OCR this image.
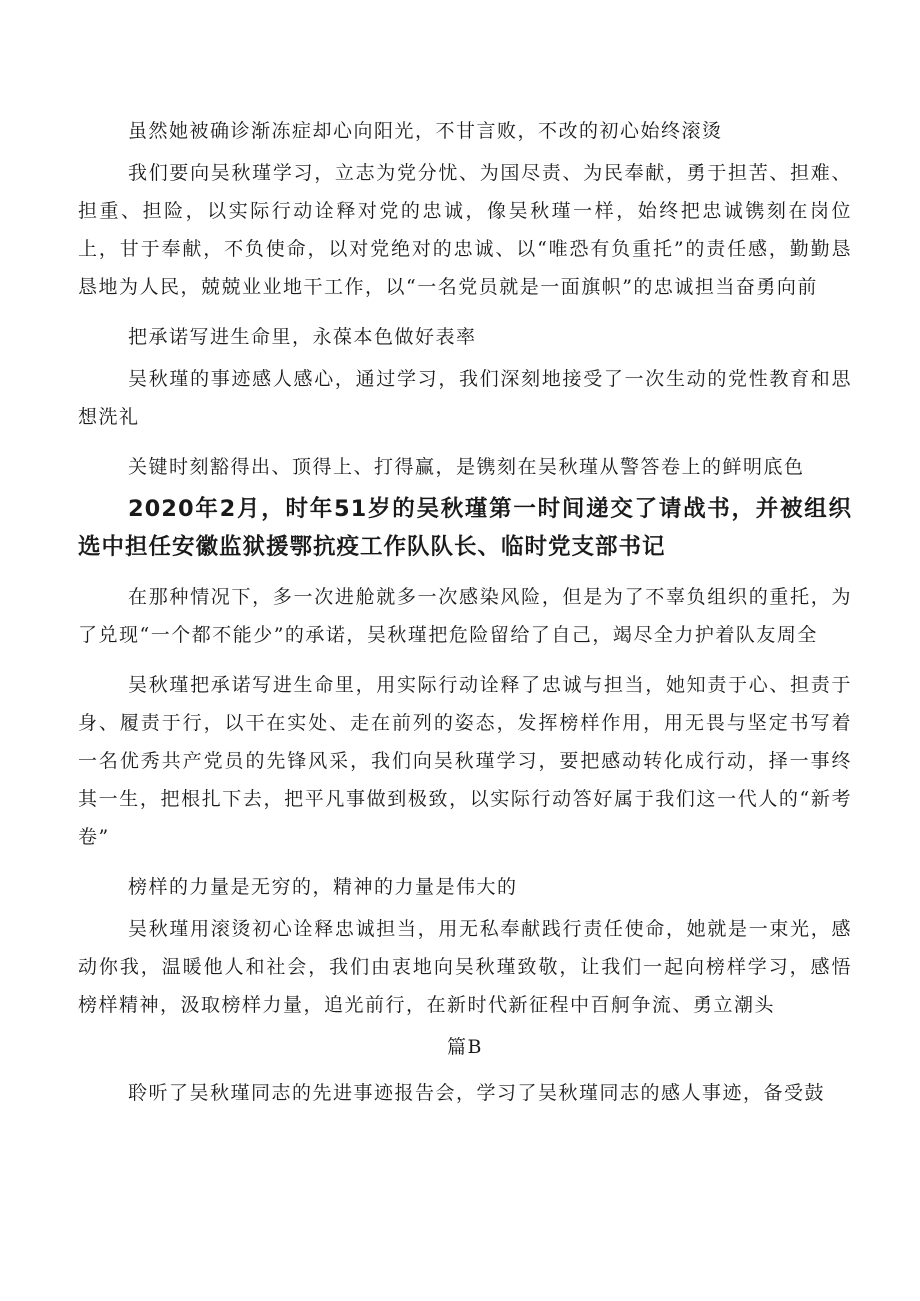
虽然她被确诊渐冻症却心向阳光，不甘言败，不改的初心始终滚烫

我们要向吴秋瑾学习，立志为党分忧、为国尽责、为民奉献，勇于担苦、担难、担重、担险，以实际行动诠释对党的忠诚，像吴秋瑾一样，始终把忠诚镌刻在岗位上，甘于奉献，不负使命，以对党绝对的忠诚、以“唯恐有负重托”的责任感，勤勤恳恳地为人民，兢兢业业地干工作，以“一名党员就是一面旗帜”的忠诚担当奋勇向前

把承诺写进生命里，永葆本色做好表率

吴秋瑾的事迹感人感心，通过学习，我们深刻地接受了一次生动的党性教育和思想洗礼

关键时刻豁得出、顶得上、打得赢，是镌刻在吴秋瑾从警答卷上的鲜明底色

2020年2月，时年51岁的吴秋瑾第一时间递交了请战书，并被组织选中担任安徽监狱援鄂抗疫工作队队长、临时党支部书记

在那种情况下，多一次进舱就多一次感染风险，但是为了不辜负组织的重托，为了兑现“一个都不能少”的承诺，吴秋瑾把危险留给了自己，竭尽全力护着队友周全

吴秋瑾把承诺写进生命里，用实际行动诠释了忠诚与担当，她知责于心、担责于身、履责于行，以干在实处、走在前列的姿态，发挥榜样作用，用无畏与坚定书写着一名优秀共产党员的先锋风采，我们向吴秋瑾学习，要把感动转化成行动，择一事终其一生，把根扎下去，把平凡事做到极致，以实际行动答好属于我们这一代人的“新考卷”

榜样的力量是无穷的，精神的力量是伟大的

吴秋瑾用滚烫初心诠释忠诚担当，用无私奉献践行责任使命，她就是一束光，感动你我，温暖他人和社会，我们由衷地向吴秋瑾致敬，让我们一起向榜样学习，感悟榜样精神，汲取榜样力量，追光前行，在新时代新征程中百舸争流、勇立潮头

篇B

聆听了吴秋瑾同志的先进事迹报告会，学习了吴秋瑾同志的感人事迹，备受鼓
